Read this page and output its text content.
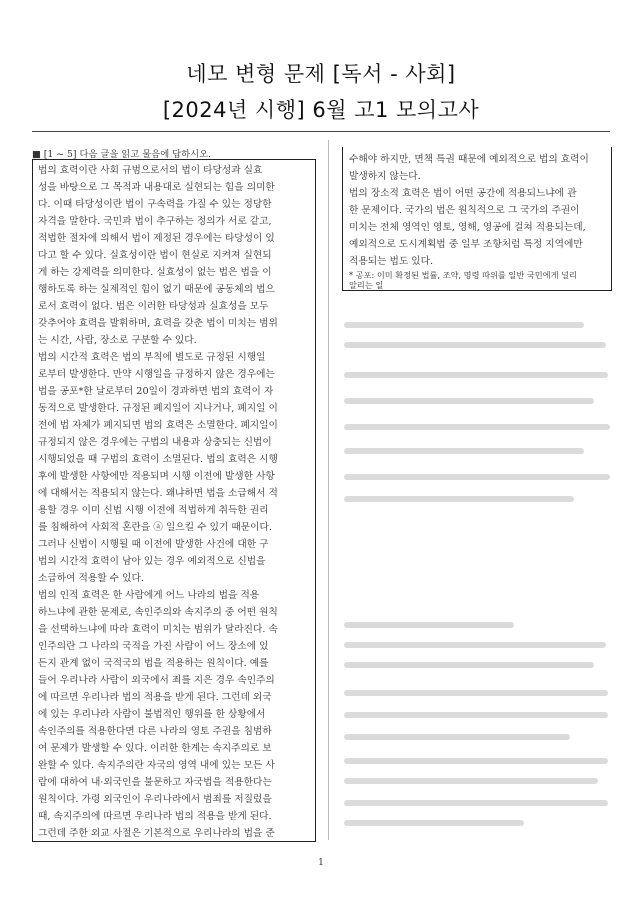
네모 변형 문제 [독서 - 사회]
[2024년 시행] 6월 고1 모의고사
■ [1 ~ 5] 다음 글을 읽고 물음에 답하시오.
법의 효력이란 사회 규범으로서의 법이 타당성과 실효
성을 바탕으로 그 목적과 내용대로 실현되는 힘을 의미한
다. 이때 타당성이란 법이 구속력을 가질 수 있는 정당한
자격을 말한다. 국민과 법이 추구하는 정의가 서로 같고,
적법한 절차에 의해서 법이 제정된 경우에는 타당성이 있
다고 할 수 있다. 실효성이란 법이 현실로 지켜져 실현되
게 하는 강제력을 의미한다. 실효성이 없는 법은 법을 이
행하도록 하는 실제적인 힘이 없기 때문에 공동체의 법으
로서 효력이 없다. 법은 이러한 타당성과 실효성을 모두
갖추어야 효력을 발휘하며, 효력을 갖춘 법이 미치는 범위
는 시간, 사람, 장소로 구분할 수 있다.
법의 시간적 효력은 법의 부칙에 별도로 규정된 시행일
로부터 발생한다. 만약 시행일을 규정하지 않은 경우에는
법을 공포*한 날로부터 20일이 경과하면 법의 효력이 자
동적으로 발생한다. 규정된 폐지일이 지나거나, 폐지일 이
전에 법 자체가 폐지되면 법의 효력은 소멸한다. 폐지일이
규정되지 않은 경우에는 구법의 내용과 상충되는 신법이
시행되었을 때 구법의 효력이 소멸된다. 법의 효력은 시행
후에 발생한 사항에만 적용되며 시행 이전에 발생한 사항
에 대해서는 적용되지 않는다. 왜냐하면 법을 소급해서 적
용할 경우 이미 신법 시행 이전에 적법하게 취득한 권리
를 침해하여 사회적 혼란을 ⓐ 일으킬 수 있기 때문이다.
그러나 신법이 시행될 때 이전에 발생한 사건에 대한 구
법의 시간적 효력이 남아 있는 경우 예외적으로 신법을
소급하여 적용할 수 있다.
법의 인적 효력은 한 사람에게 어느 나라의 법을 적용
하느냐에 관한 문제로, 속인주의와 속지주의 중 어떤 원칙
을 선택하느냐에 따라 효력이 미치는 범위가 달라진다. 속
인주의란 그 나라의 국적을 가진 사람이 어느 장소에 있
든지 관계 없이 국적국의 법을 적용하는 원칙이다. 예를
들어 우리나라 사람이 외국에서 죄를 지은 경우 속인주의
에 따르면 우리나라 법의 적용을 받게 된다. 그런데 외국
에 있는 우리나라 사람이 불법적인 행위를 한 상황에서
속인주의를 적용한다면 다른 나라의 영토 주권을 침범하
여 문제가 발생할 수 있다. 이러한 한계는 속지주의로 보
완할 수 있다. 속지주의란 자국의 영역 내에 있는 모든 사
람에 대하여 내·외국인을 불문하고 자국법을 적용한다는
원칙이다. 가령 외국인이 우리나라에서 범죄를 저질렀을
때, 속지주의에 따르면 우리나라 법의 적용을 받게 된다.
그런데 주한 외교 사절은 기본적으로 우리나라의 법을 준
수해야 하지만, 면책 특권 때문에 예외적으로 법의 효력이
발생하지 않는다.
법의 장소적 효력은 법이 어떤 공간에 적용되느냐에 관
한 문제이다. 국가의 법은 원칙적으로 그 국가의 주권이
미치는 전체 영역인 영토, 영해, 영공에 걸쳐 적용되는데,
예외적으로 도시계획법 중 일부 조항처럼 특정 지역에만
적용되는 법도 있다.
* 공포: 이미 확정된 법률, 조약, 명령 따위를 일반 국민에게 널리
알리는 일
1
